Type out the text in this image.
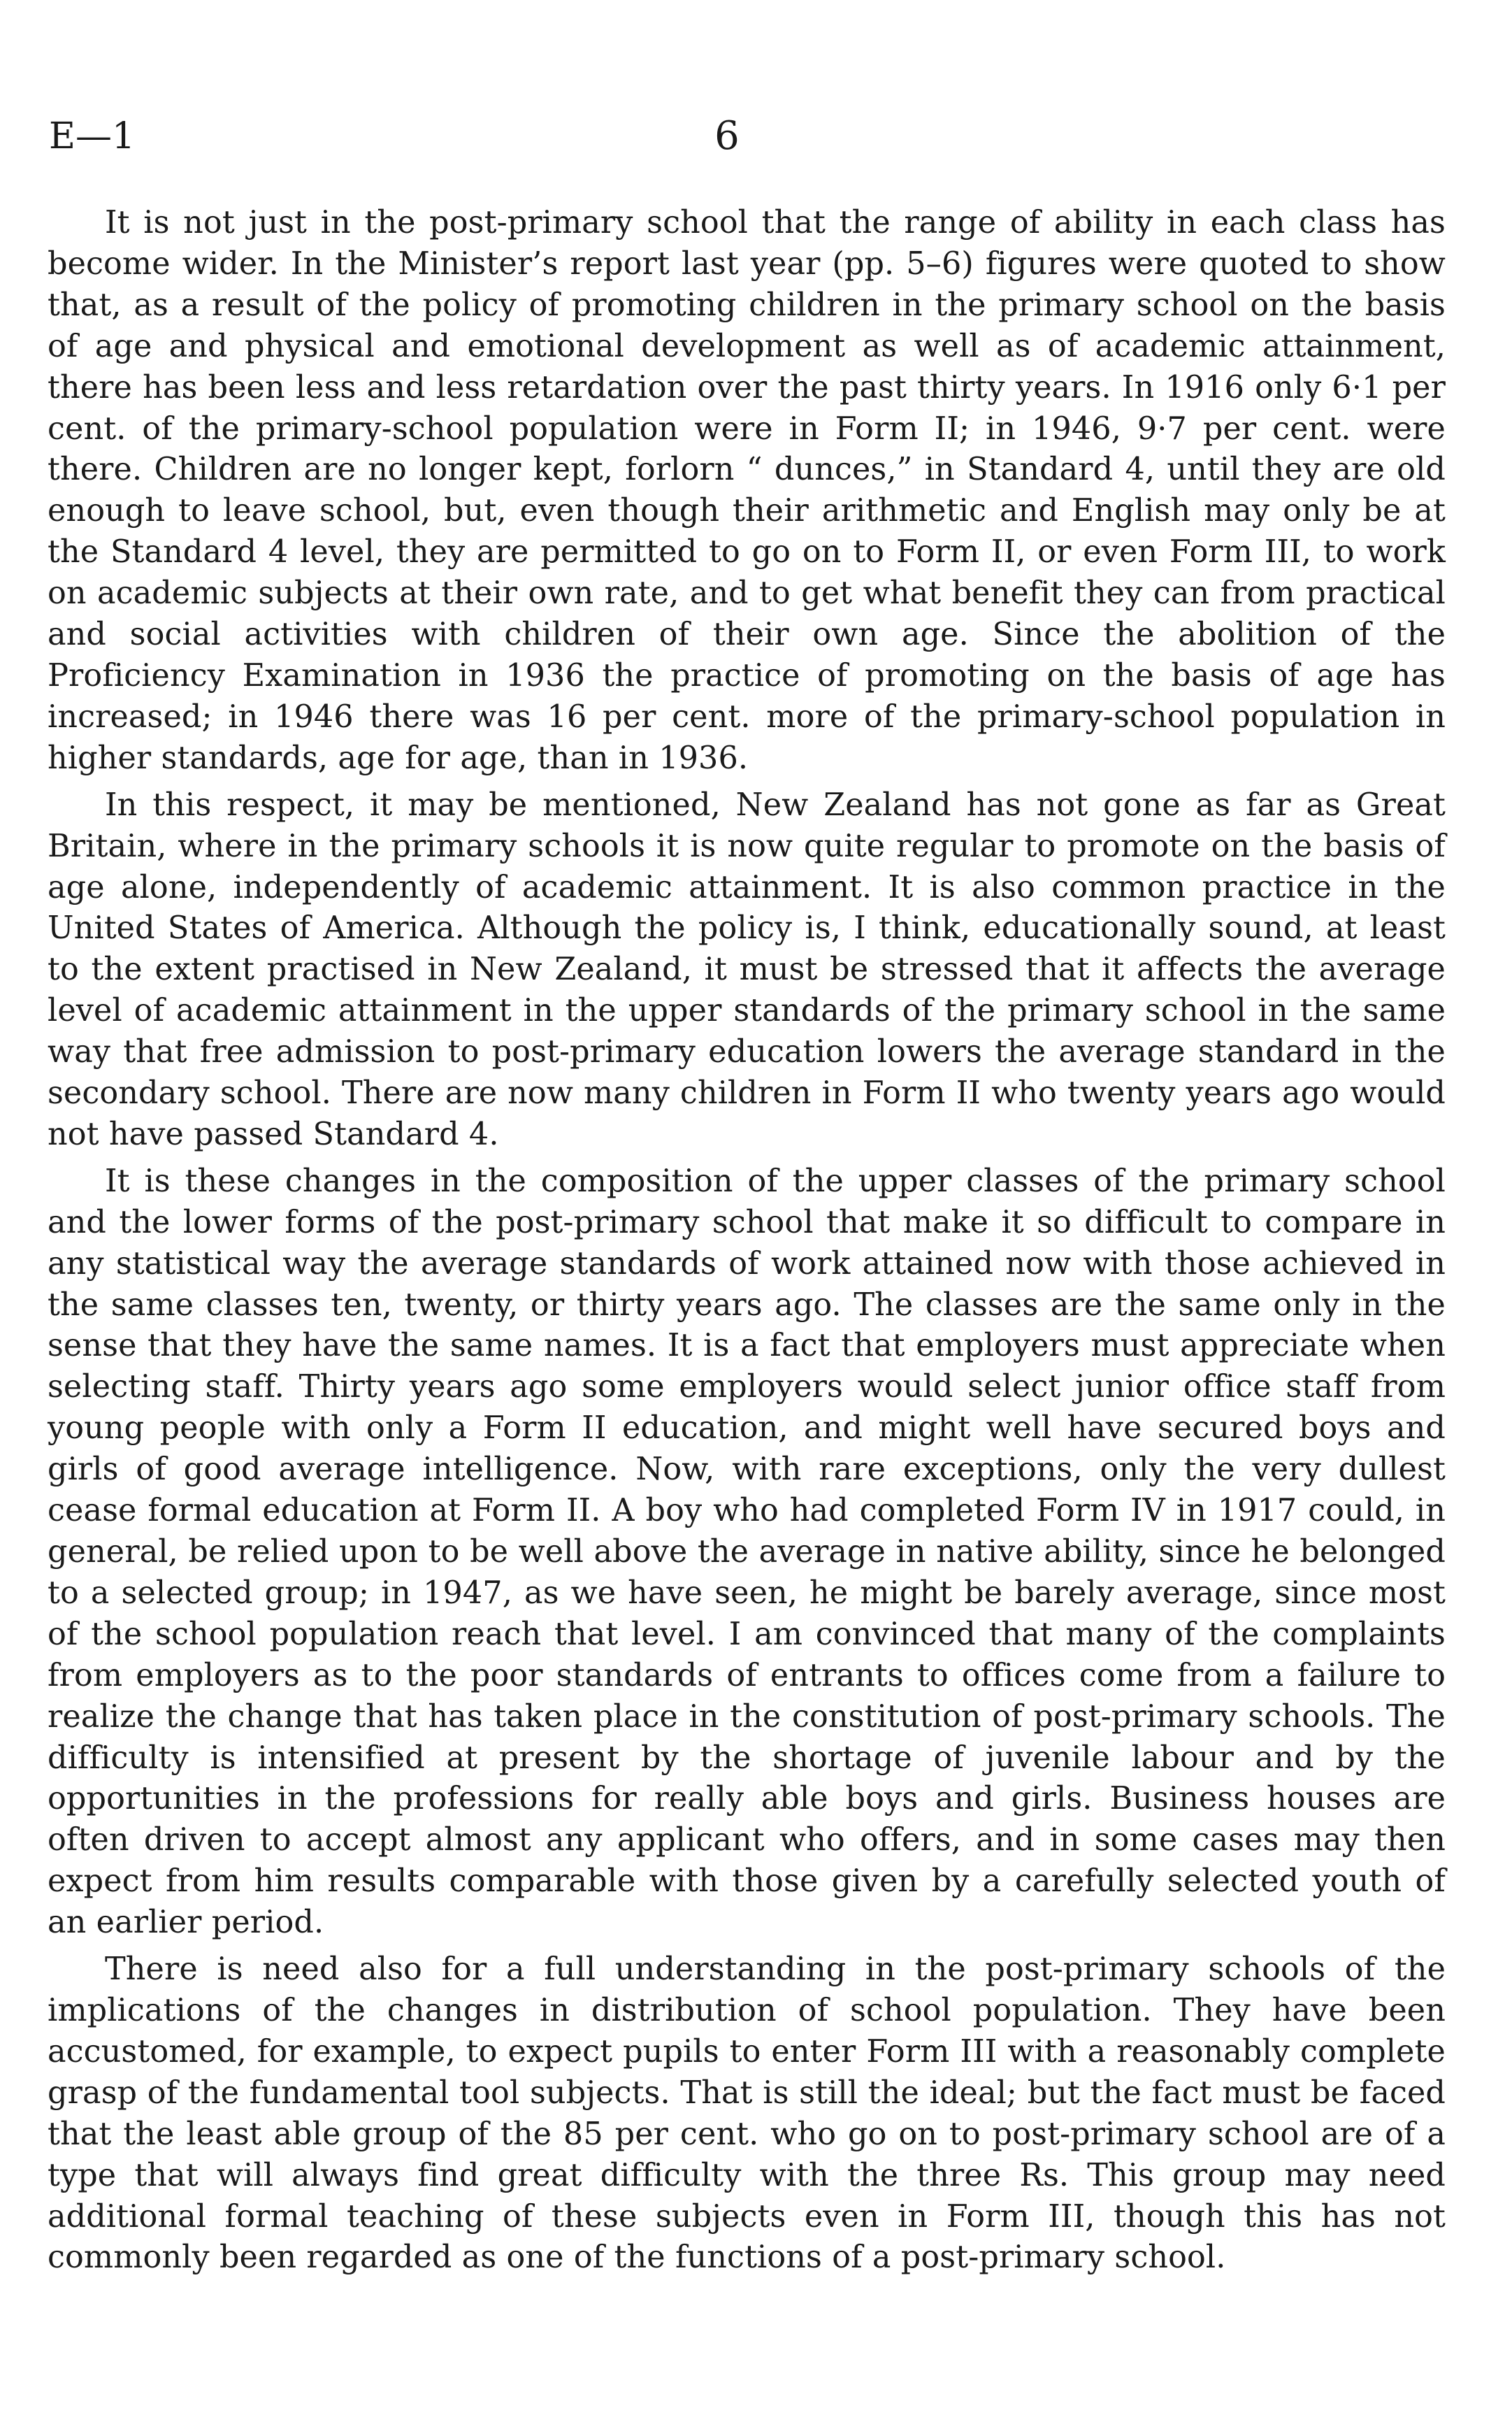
E—1	6

It is not just in the post-primary school that the range of ability in each class has become wider. In the Minister’s report last year (pp. 5–6) figures were quoted to show that, as a result of the policy of promoting children in the primary school on the basis of age and physical and emotional development as well as of academic attainment, there has been less and less retardation over the past thirty years. In 1916 only 6·1 per cent. of the primary-school population were in Form II; in 1946, 9·7 per cent. were there. Children are no longer kept, forlorn “ dunces,” in Standard 4, until they are old enough to leave school, but, even though their arithmetic and English may only be at the Standard 4 level, they are permitted to go on to Form II, or even Form III, to work on academic subjects at their own rate, and to get what benefit they can from practical and social activities with children of their own age. Since the abolition of the Proficiency Examination in 1936 the practice of promoting on the basis of age has increased; in 1946 there was 16 per cent. more of the primary-school population in higher standards, age for age, than in 1936.

In this respect, it may be mentioned, New Zealand has not gone as far as Great Britain, where in the primary schools it is now quite regular to promote on the basis of age alone, independently of academic attainment. It is also common practice in the United States of America. Although the policy is, I think, educationally sound, at least to the extent practised in New Zealand, it must be stressed that it affects the average level of academic attainment in the upper standards of the primary school in the same way that free admission to post-primary education lowers the average standard in the secondary school. There are now many children in Form II who twenty years ago would not have passed Standard 4.

It is these changes in the composition of the upper classes of the primary school and the lower forms of the post-primary school that make it so difficult to compare in any statistical way the average standards of work attained now with those achieved in the same classes ten, twenty, or thirty years ago. The classes are the same only in the sense that they have the same names. It is a fact that employers must appreciate when selecting staff. Thirty years ago some employers would select junior office staff from young people with only a Form II education, and might well have secured boys and girls of good average intelligence. Now, with rare exceptions, only the very dullest cease formal education at Form II. A boy who had completed Form IV in 1917 could, in general, be relied upon to be well above the average in native ability, since he belonged to a selected group; in 1947, as we have seen, he might be barely average, since most of the school population reach that level. I am convinced that many of the complaints from employers as to the poor standards of entrants to offices come from a failure to realize the change that has taken place in the constitution of post-primary schools. The difficulty is intensified at present by the shortage of juvenile labour and by the opportunities in the professions for really able boys and girls. Business houses are often driven to accept almost any applicant who offers, and in some cases may then expect from him results comparable with those given by a carefully selected youth of an earlier period.

There is need also for a full understanding in the post-primary schools of the implications of the changes in distribution of school population. They have been accustomed, for example, to expect pupils to enter Form III with a reasonably complete grasp of the fundamental tool subjects. That is still the ideal; but the fact must be faced that the least able group of the 85 per cent. who go on to post-primary school are of a type that will always find great difficulty with the three Rs. This group may need additional formal teaching of these subjects even in Form III, though this has not commonly been regarded as one of the functions of a post-primary school.
